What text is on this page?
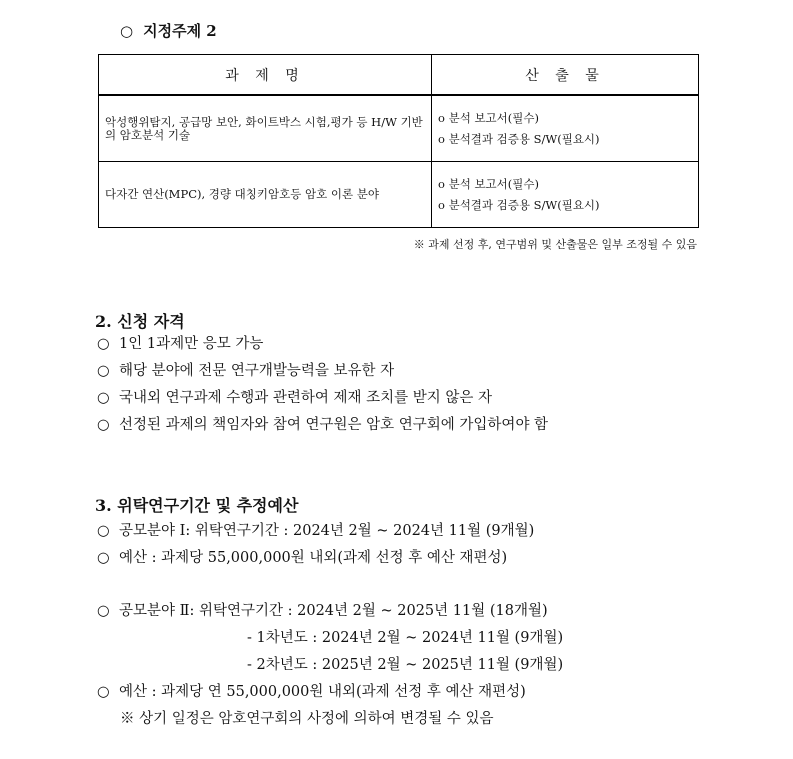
○ 지정주제 2
과 제 명	산 출 물
악성행위탐지, 공급망 보안, 화이트박스 시험,평가 등 H/W 기반의 암호분석 기술	o 분석 보고서(필수)
o 분석결과 검증용 S/W(필요시)

다자간 연산(MPC), 경량 대칭키암호등 암호 이론 분야	o 분석 보고서(필수)
o 분석결과 검증용 S/W(필요시)
※ 과제 선정 후, 연구범위 및 산출물은 일부 조정될 수 있음
2. 신청 자격
○ 1인 1과제만 응모 가능
○ 해당 분야에 전문 연구개발능력을 보유한 자
○ 국내외 연구과제 수행과 관련하여 제재 조치를 받지 않은 자
○ 선정된 과제의 책임자와 참여 연구원은 암호 연구회에 가입하여야 함
3. 위탁연구기간 및 추정예산
○ 공모분야 Ⅰ: 위탁연구기간 : 2024년 2월 ~ 2024년 11월 (9개월)
○ 예산 : 과제당 55,000,000원 내외(과제 선정 후 예산 재편성)
○ 공모분야 Ⅱ: 위탁연구기간 : 2024년 2월 ~ 2025년 11월 (18개월)
- 1차년도 : 2024년 2월 ~ 2024년 11월 (9개월)
- 2차년도 : 2025년 2월 ~ 2025년 11월 (9개월)
○ 예산 : 과제당 연 55,000,000원 내외(과제 선정 후 예산 재편성)
※ 상기 일정은 암호연구회의 사정에 의하여 변경될 수 있음
